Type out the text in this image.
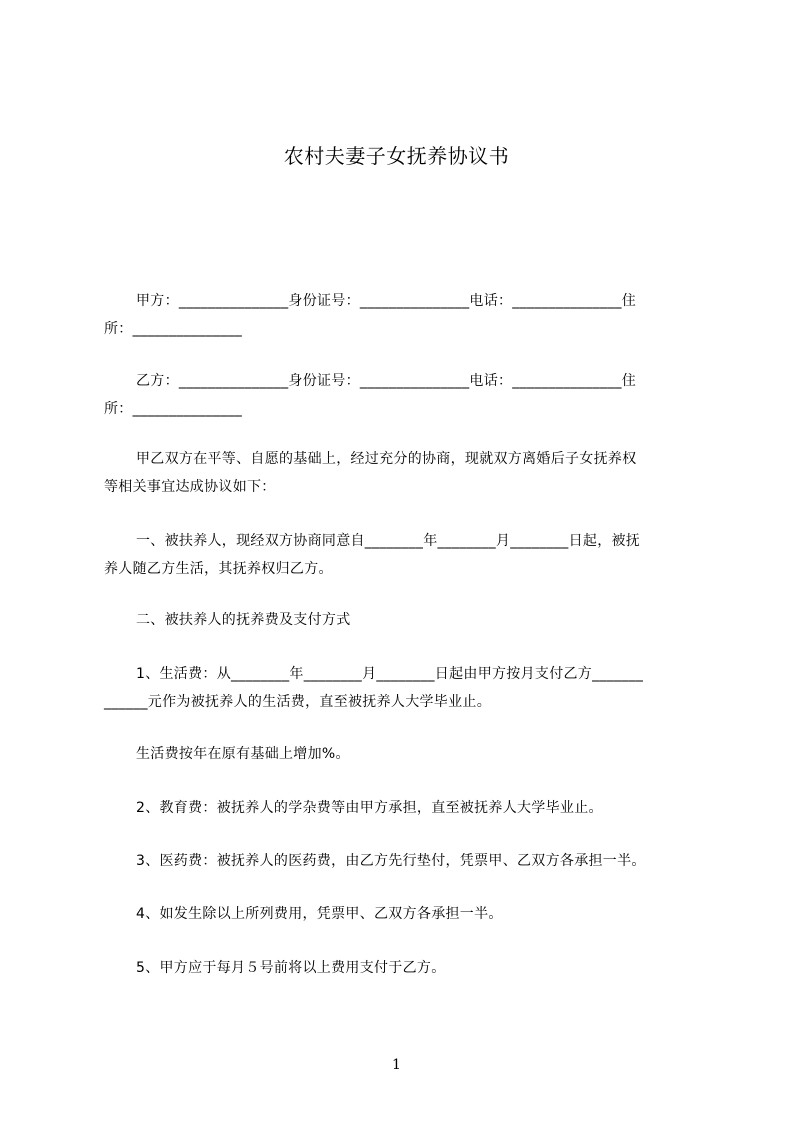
农村夫妻子女抚养协议书
甲方：_______________身份证号：_______________电话：_______________住
所：_______________
乙方：_______________身份证号：_______________电话：_______________住
所：_______________
甲乙双方在平等、自愿的基础上，经过充分的协商，现就双方离婚后子女抚养权
等相关事宜达成协议如下：
一、被扶养人，现经双方协商同意自________年________月________日起，被抚
养人随乙方生活，其抚养权归乙方。
二、被扶养人的抚养费及支付方式
1、生活费：从________年________月________日起由甲方按月支付乙方_______
______元作为被抚养人的生活费，直至被抚养人大学毕业止。
生活费按年在原有基础上增加%。
2、教育费：被抚养人的学杂费等由甲方承担，直至被抚养人大学毕业止。
3、医药费：被抚养人的医药费，由乙方先行垫付，凭票甲、乙双方各承担一半。
4、如发生除以上所列费用，凭票甲、乙双方各承担一半。
5、甲方应于每月５号前将以上费用支付于乙方。
1
